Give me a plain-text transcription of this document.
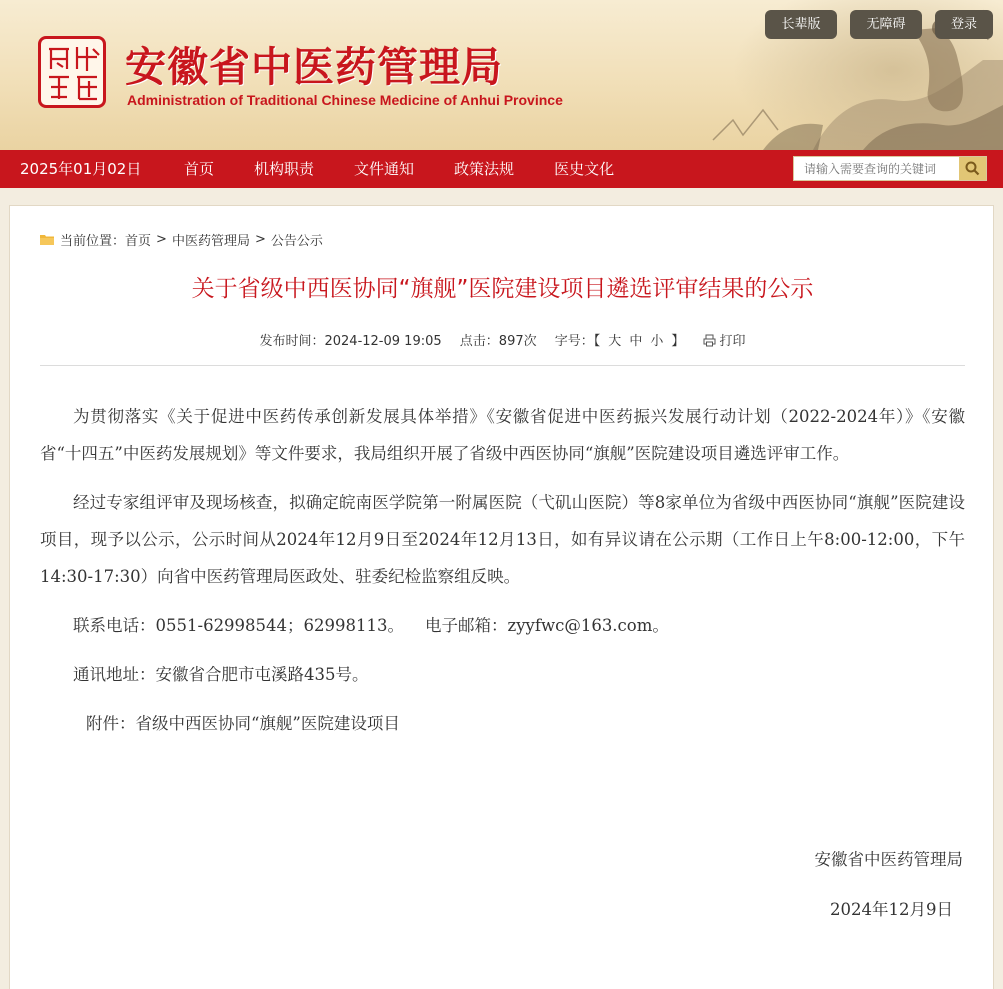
安徽省中医药管理局
Administration of Traditional Chinese Medicine of Anhui Province
长辈版	无障碍	登录
2025年01月02日	首页	机构职责	文件通知	政策法规	医史文化
请输入需要查询的关键词
当前位置： 首页 > 中医药管理局 > 公告公示
关于省级中西医协同“旗舰”医院建设项目遴选评审结果的公示
发布时间：2024-12-09 19:05 点击：897次 字号：【 大 中 小 】	打印

为贯彻落实《关于促进中医药传承创新发展具体举措》《安徽省促进中医药振兴发展行动计划（2022-2024年）》《安徽省“十四五”中医药发展规划》等文件要求，我局组织开展了省级中西医协同“旗舰”医院建设项目遴选评审工作。

经过专家组评审及现场核查，拟确定皖南医学院第一附属医院（弋矶山医院）等8家单位为省级中西医协同“旗舰”医院建设项目，现予以公示，公示时间从2024年12月9日至2024年12月13日，如有异议请在公示期（工作日上午8:00-12:00，下午14:30-17:30）向省中医药管理局医政处、驻委纪检监察组反映。

联系电话：0551-62998544；62998113。    电子邮箱：zyyfwc@163.com。

通讯地址：安徽省合肥市屯溪路435号。

附件：省级中西医协同“旗舰”医院建设项目

安徽省中医药管理局
2024年12月9日
